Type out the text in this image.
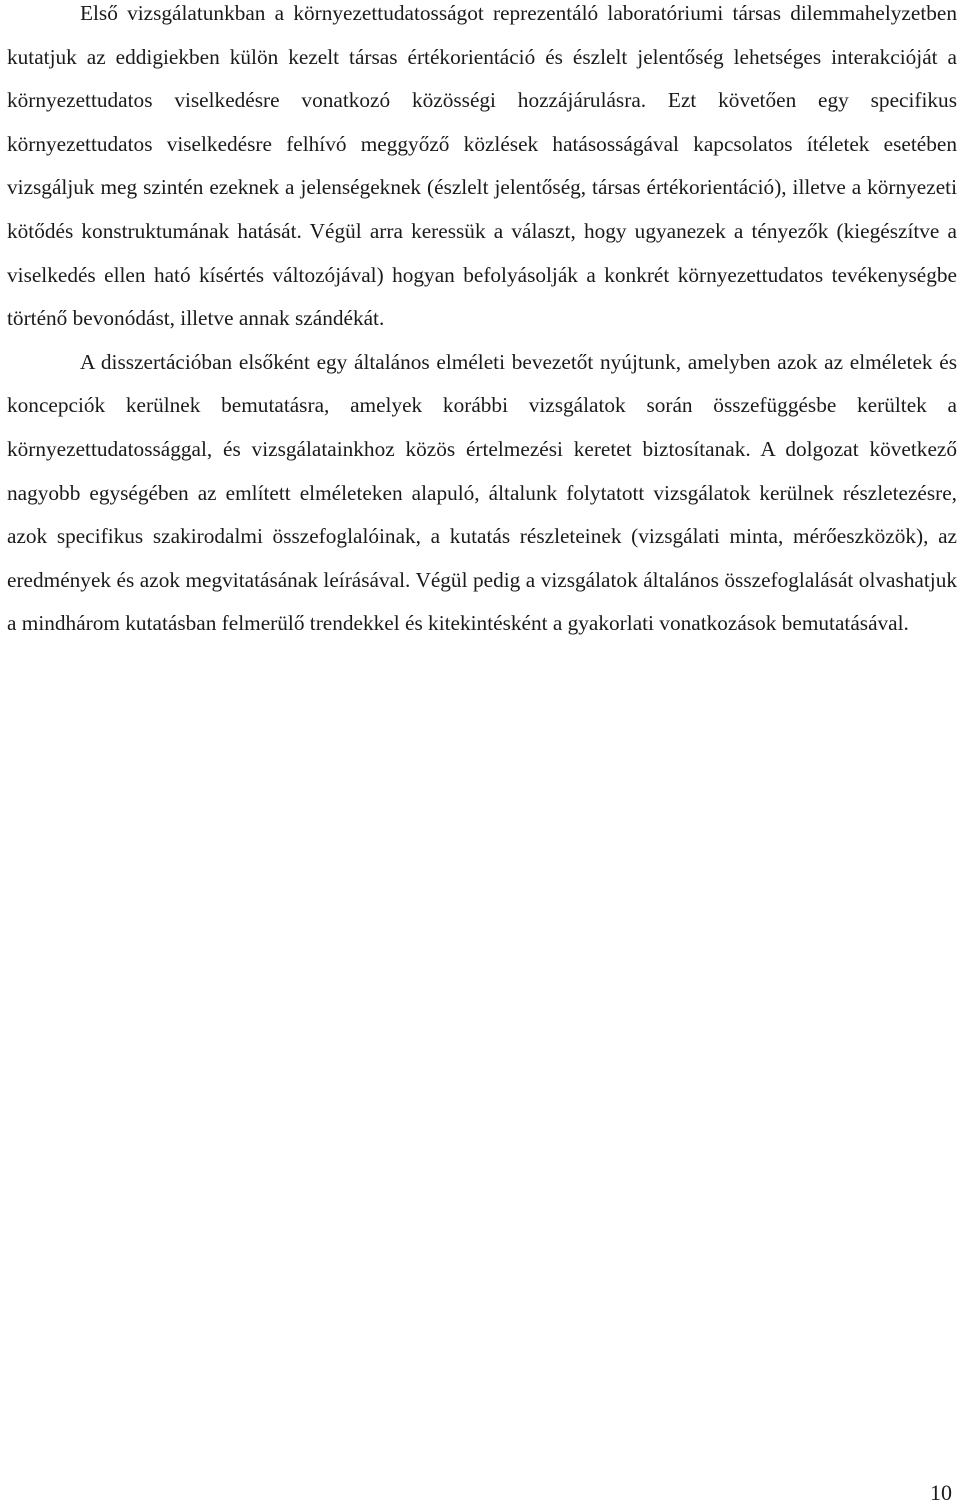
Első vizsgálatunkban a környezettudatosságot reprezentáló laboratóriumi társas dilemmahelyzetben kutatjuk az eddigiekben külön kezelt társas értékorientáció és észlelt jelentőség lehetséges interakcióját a környezettudatos viselkedésre vonatkozó közösségi hozzájárulásra. Ezt követően egy specifikus környezettudatos viselkedésre felhívó meggyőző közlések hatásosságával kapcsolatos ítéletek esetében vizsgáljuk meg szintén ezeknek a jelenségeknek (észlelt jelentőség, társas értékorientáció), illetve a környezeti kötődés konstruktumának hatását. Végül arra keressük a választ, hogy ugyanezek a tényezők (kiegészítve a viselkedés ellen ható kísértés változójával) hogyan befolyásolják a konkrét környezettudatos tevékenységbe történő bevonódást, illetve annak szándékát.

A disszertációban elsőként egy általános elméleti bevezetőt nyújtunk, amelyben azok az elméletek és koncepciók kerülnek bemutatásra, amelyek korábbi vizsgálatok során összefüggésbe kerültek a környezettudatossággal, és vizsgálatainkhoz közös értelmezési keretet biztosítanak. A dolgozat következő nagyobb egységében az említett elméleteken alapuló, általunk folytatott vizsgálatok kerülnek részletezésre, azok specifikus szakirodalmi összefoglalóinak, a kutatás részleteinek (vizsgálati minta, mérőeszközök), az eredmények és azok megvitatásának leírásával. Végül pedig a vizsgálatok általános összefoglalását olvashatjuk a mindhárom kutatásban felmerülő trendekkel és kitekintésként a gyakorlati vonatkozások bemutatásával.

10
